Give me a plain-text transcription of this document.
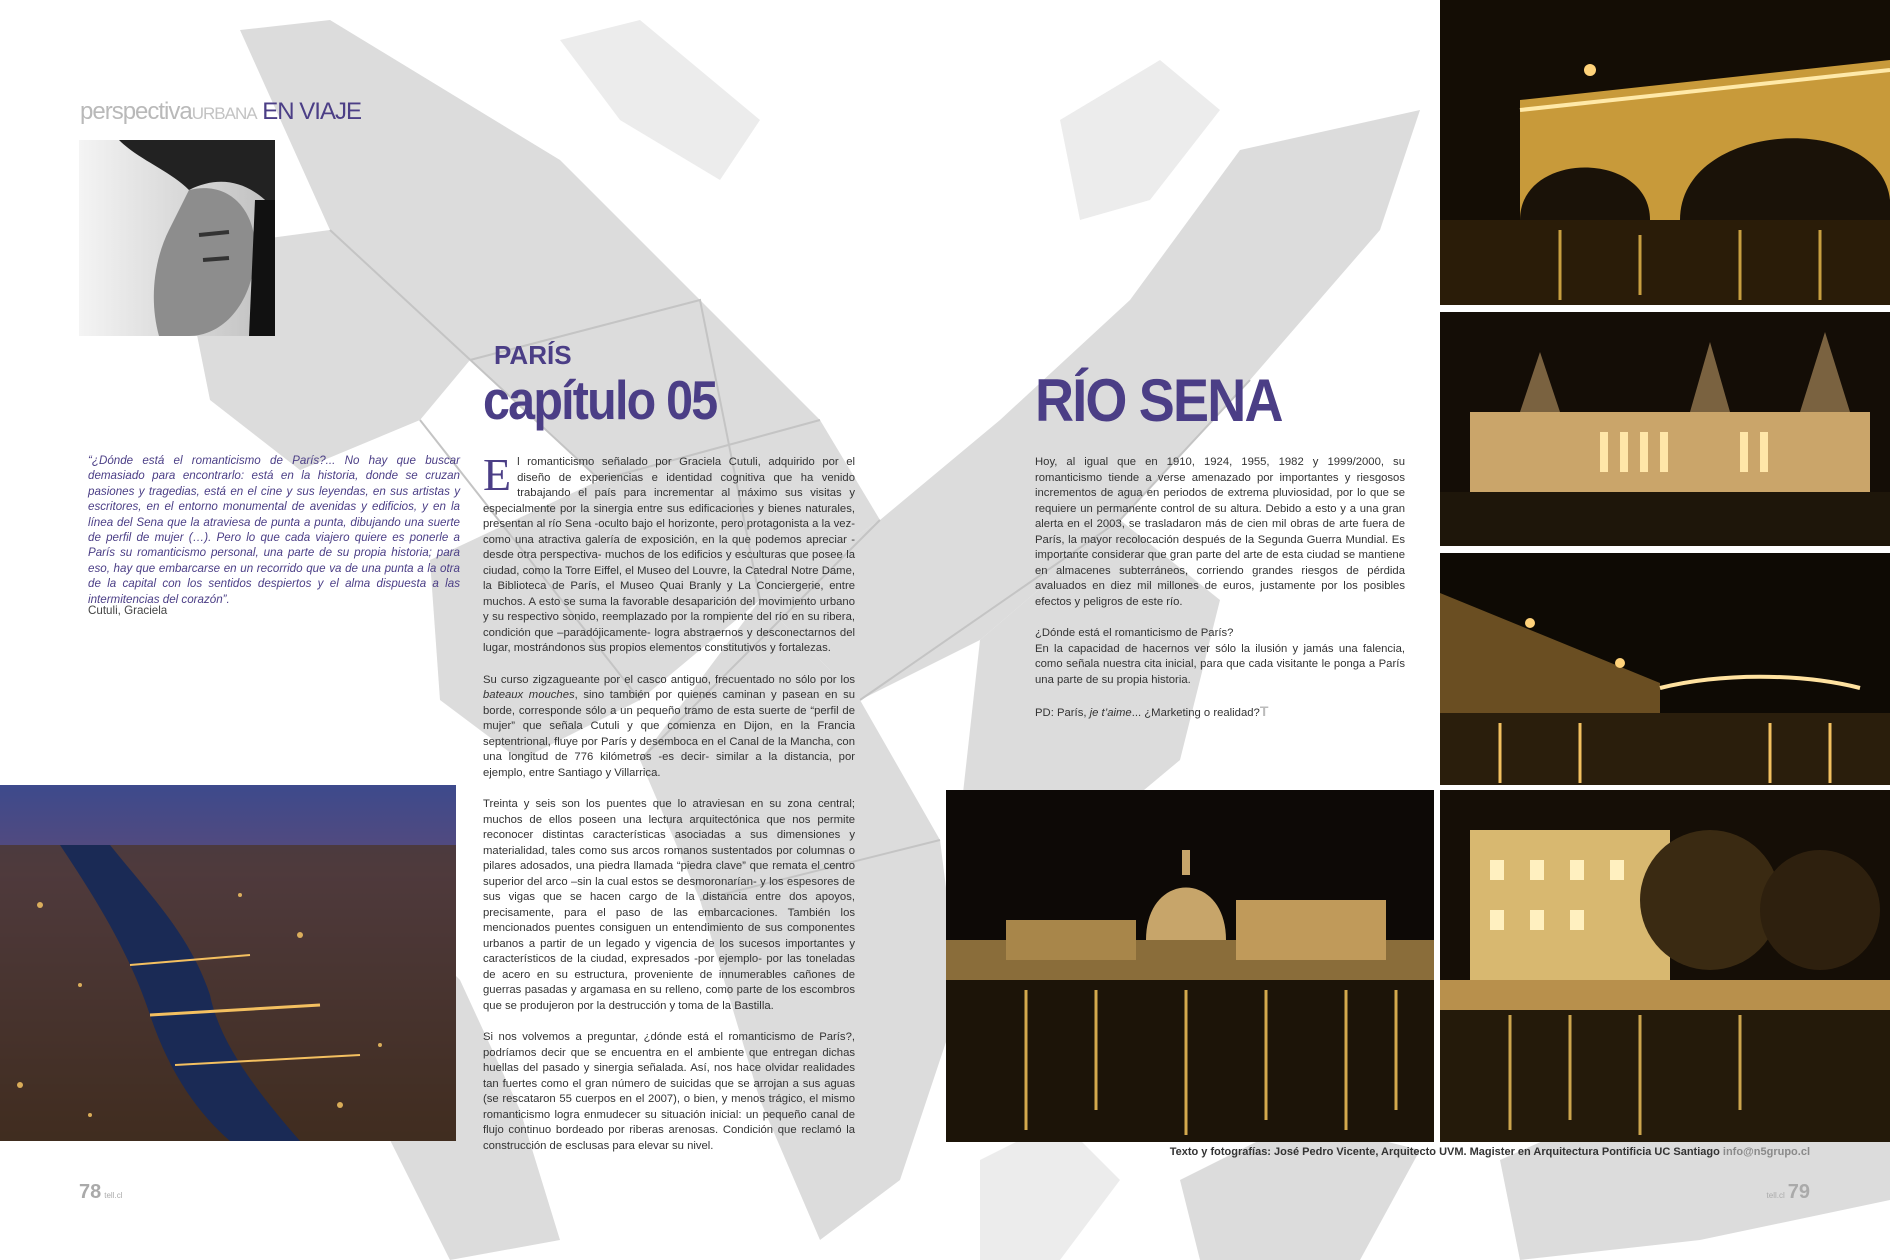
perspectivaURBANA EN VIAJE
“¿Dónde está el romanticismo de París?... No hay que buscar demasiado para encontrarlo: está en la historia, donde se cruzan pasiones y tragedias, está en el cine y sus leyendas, en sus artistas y escritores, en el entorno monumental de avenidas y edificios, y en la línea del Sena que la atraviesa de punta a punta, dibujando una suerte de perfil de mujer (…). Pero lo que cada viajero quiere es ponerle a París su romanticismo personal, una parte de su propia historia; para eso, hay que embarcarse en un recorrido que va de una punta a la otra de la capital con los sentidos despiertos y el alma dispuesta a las intermitencias del corazón”.
Cutuli, Graciela
PARÍS
capítulo 05	RÍO SENA

El romanticismo señalado por Graciela Cutuli, adquirido por el diseño de experiencias e identidad cognitiva que ha venido trabajando el país para incrementar al máximo sus visitas y especialmente por la sinergia entre sus edificaciones y bienes naturales, presentan al río Sena -oculto bajo el horizonte, pero protagonista a la vez- como una atractiva galería de exposición, en la que podemos apreciar -desde otra perspectiva- muchos de los edificios y esculturas que posee la ciudad, como la Torre Eiffel, el Museo del Louvre, la Catedral Notre Dame, la Biblioteca de París, el Museo Quai Branly y La Conciergerie, entre muchos. A esto se suma la favorable desaparición del movimiento urbano y su respectivo sonido, reemplazado por la rompiente del río en su ribera, condición que –paradójicamente- logra abstraernos y desconectarnos del lugar, mostrándonos sus propios elementos constitutivos y fortalezas.

Su curso zigzagueante por el casco antiguo, frecuentado no sólo por los bateaux mouches, sino también por quienes caminan y pasean en su borde, corresponde sólo a un pequeño tramo de esta suerte de “perfil de mujer” que señala Cutuli y que comienza en Dijon, en la Francia septentrional, fluye por París y desemboca en el Canal de la Mancha, con una longitud de 776 kilómetros -es decir- similar a la distancia, por ejemplo, entre Santiago y Villarrica.

Treinta y seis son los puentes que lo atraviesan en su zona central; muchos de ellos poseen una lectura arquitectónica que nos permite reconocer distintas características asociadas a sus dimensiones y materialidad, tales como sus arcos romanos sustentados por columnas o pilares adosados, una piedra llamada “piedra clave” que remata el centro superior del arco –sin la cual estos se desmoronarían- y los espesores de sus vigas que se hacen cargo de la distancia entre dos apoyos, precisamente, para el paso de las embarcaciones. También los mencionados puentes consiguen un entendimiento de sus componentes urbanos a partir de un legado y vigencia de los sucesos importantes y característicos de la ciudad, expresados -por ejemplo- por las toneladas de acero en su estructura, proveniente de innumerables cañones de guerras pasadas y argamasa en su relleno, como parte de los escombros que se produjeron por la destrucción y toma de la Bastilla.

Si nos volvemos a preguntar, ¿dónde está el romanticismo de París?, podríamos decir que se encuentra en el ambiente que entregan dichas huellas del pasado y sinergia señalada. Así, nos hace olvidar realidades tan fuertes como el gran número de suicidas que se arrojan a sus aguas (se rescataron 55 cuerpos en el 2007), o bien, y menos trágico, el mismo romanticismo logra enmudecer su situación inicial: un pequeño canal de flujo continuo bordeado por riberas arenosas. Condición que reclamó la construcción de esclusas para elevar su nivel.

Hoy, al igual que en 1910, 1924, 1955, 1982 y 1999/2000, su romanticismo tiende a verse amenazado por importantes y riesgosos incrementos de agua en periodos de extrema pluviosidad, por lo que se requiere un permanente control de su altura. Debido a esto y a una gran alerta en el 2003, se trasladaron más de cien mil obras de arte fuera de París, la mayor recolocación después de la Segunda Guerra Mundial. Es importante considerar que gran parte del arte de esta ciudad se mantiene en almacenes subterráneos, corriendo grandes riesgos de pérdida avaluados en diez mil millones de euros, justamente por los posibles efectos y peligros de este río.

¿Dónde está el romanticismo de París?
En la capacidad de hacernos ver sólo la ilusión y jamás una falencia, como señala nuestra cita inicial, para que cada visitante le ponga a París una parte de su propia historia.

PD: París, je t’aime... ¿Marketing o realidad?T

Texto y fotografías: José Pedro Vicente, Arquitecto UVM. Magister en Arquitectura Pontificia UC Santiago info@n5grupo.cl
78 tell.cl	tell.cl 79
